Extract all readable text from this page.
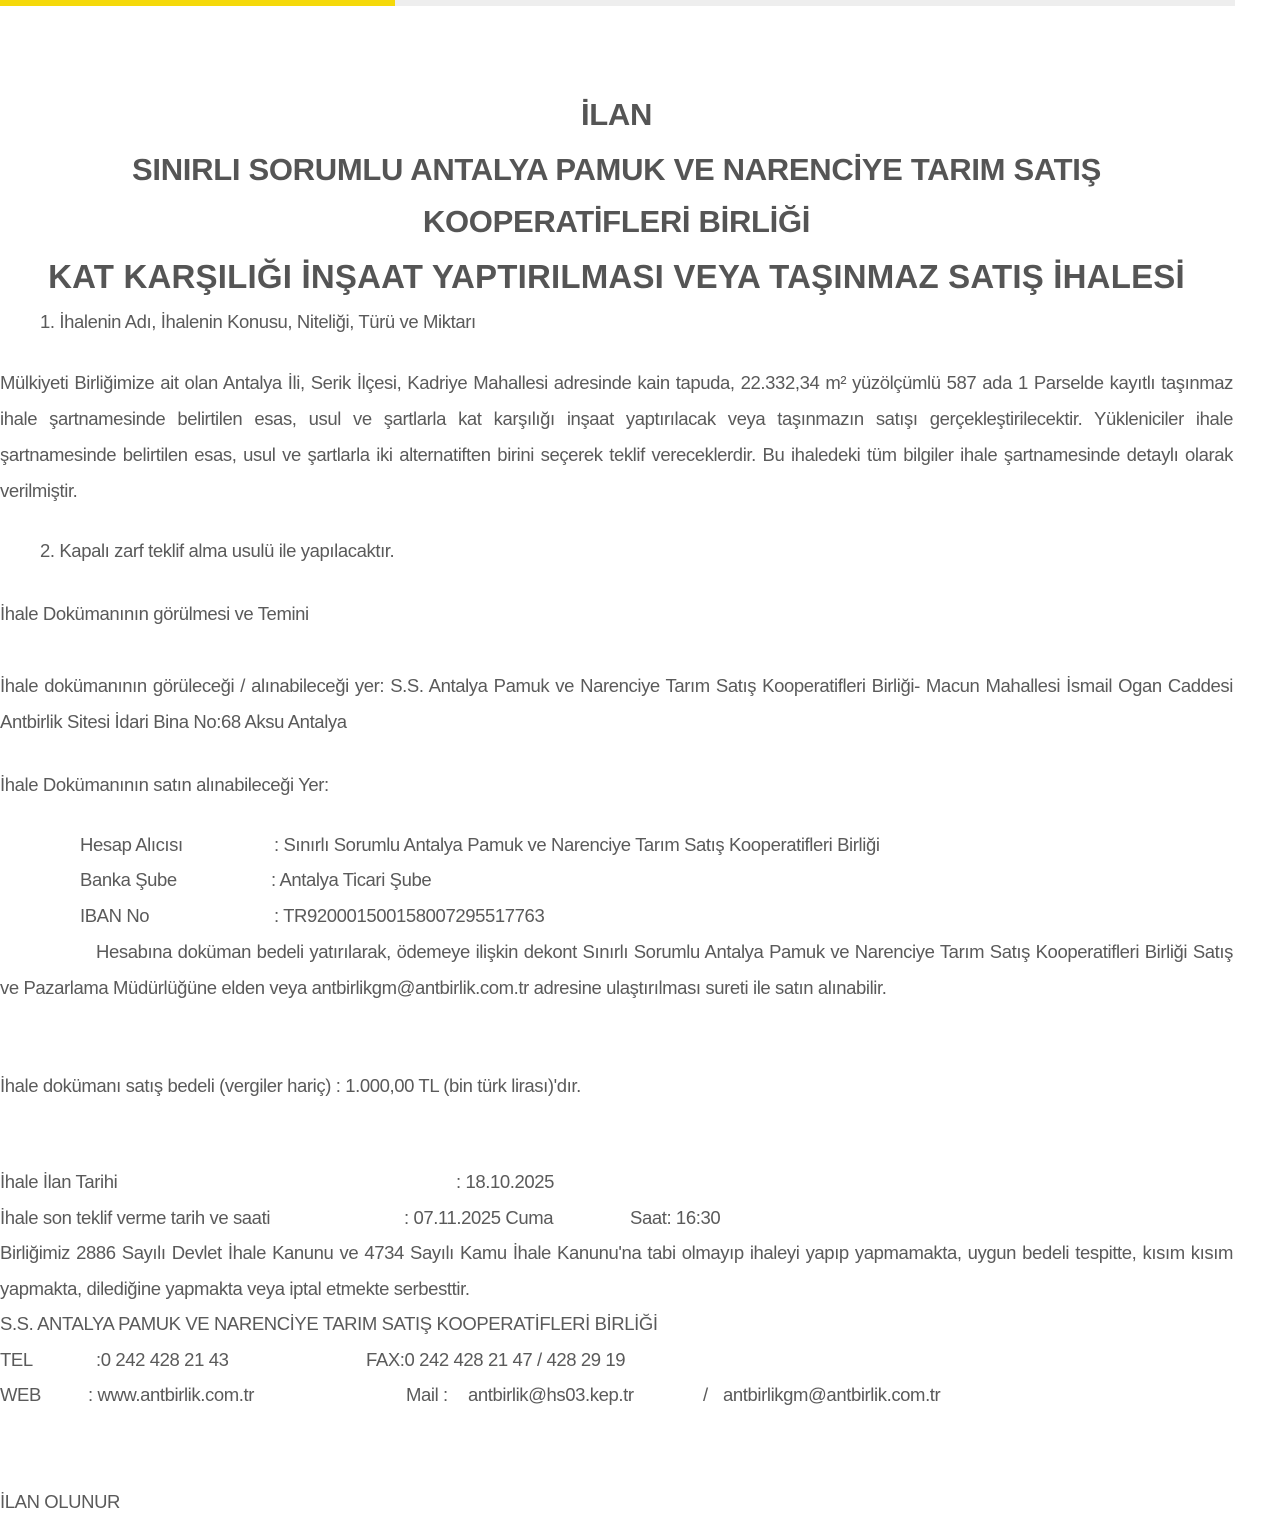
İLAN
SINIRLI SORUMLU ANTALYA PAMUK VE NARENCİYE TARIM SATIŞ
KOOPERATİFLERİ BİRLİĞİ
KAT KARŞILIĞI İNŞAAT YAPTIRILMASI VEYA TAŞINMAZ SATIŞ İHALESİ
1. İhalenin Adı, İhalenin Konusu, Niteliği, Türü ve Miktarı
Mülkiyeti Birliğimize ait olan Antalya İli, Serik İlçesi, Kadriye Mahallesi adresinde kain tapuda, 22.332,34 m² yüzölçümlü 587 ada 1 Parselde kayıtlı taşınmaz ihale şartnamesinde belirtilen esas, usul ve şartlarla kat karşılığı inşaat yaptırılacak veya taşınmazın satışı gerçekleştirilecektir. Yükleniciler ihale şartnamesinde belirtilen esas, usul ve şartlarla iki alternatiften birini seçerek teklif vereceklerdir. Bu ihaledeki tüm bilgiler ihale şartnamesinde detaylı olarak verilmiştir.
2. Kapalı zarf teklif alma usulü ile yapılacaktır.
İhale Dokümanının görülmesi ve Temini
İhale dokümanının görüleceği / alınabileceği yer: S.S. Antalya Pamuk ve Narenciye Tarım Satış Kooperatifleri Birliği- Macun Mahallesi İsmail Ogan Caddesi Antbirlik Sitesi İdari Bina No:68 Aksu Antalya
İhale Dokümanının satın alınabileceği Yer:
Hesap Alıcısı	: Sınırlı Sorumlu Antalya Pamuk ve Narenciye Tarım Satış Kooperatifleri Birliği
Banka Şube	: Antalya Ticari Şube
IBAN No	: TR920001500158007295517763
Hesabına doküman bedeli yatırılarak, ödemeye ilişkin dekont Sınırlı Sorumlu Antalya Pamuk ve Narenciye Tarım Satış Kooperatifleri Birliği Satış ve Pazarlama Müdürlüğüne elden veya antbirlikgm@antbirlik.com.tr adresine ulaştırılması sureti ile satın alınabilir.
İhale dokümanı satış bedeli (vergiler hariç) : 1.000,00 TL (bin türk lirası)'dır.
İhale İlan Tarihi	: 18.10.2025
İhale son teklif verme tarih ve saati	: 07.11.2025 Cuma	Saat: 16:30
Birliğimiz 2886 Sayılı Devlet İhale Kanunu ve 4734 Sayılı Kamu İhale Kanunu'na tabi olmayıp ihaleyi yapıp yapmamakta, uygun bedeli tespitte, kısım kısım yapmakta, dilediğine yapmakta veya iptal etmekte serbesttir.
S.S. ANTALYA PAMUK VE NARENCİYE TARIM SATIŞ KOOPERATİFLERİ BİRLİĞİ
TEL	:0 242 428 21 43	FAX:0 242 428 21 47 / 428 29 19
WEB	: www.antbirlik.com.tr	Mail : antbirlik@hs03.kep.tr	/ antbirlikgm@antbirlik.com.tr
İLAN OLUNUR
